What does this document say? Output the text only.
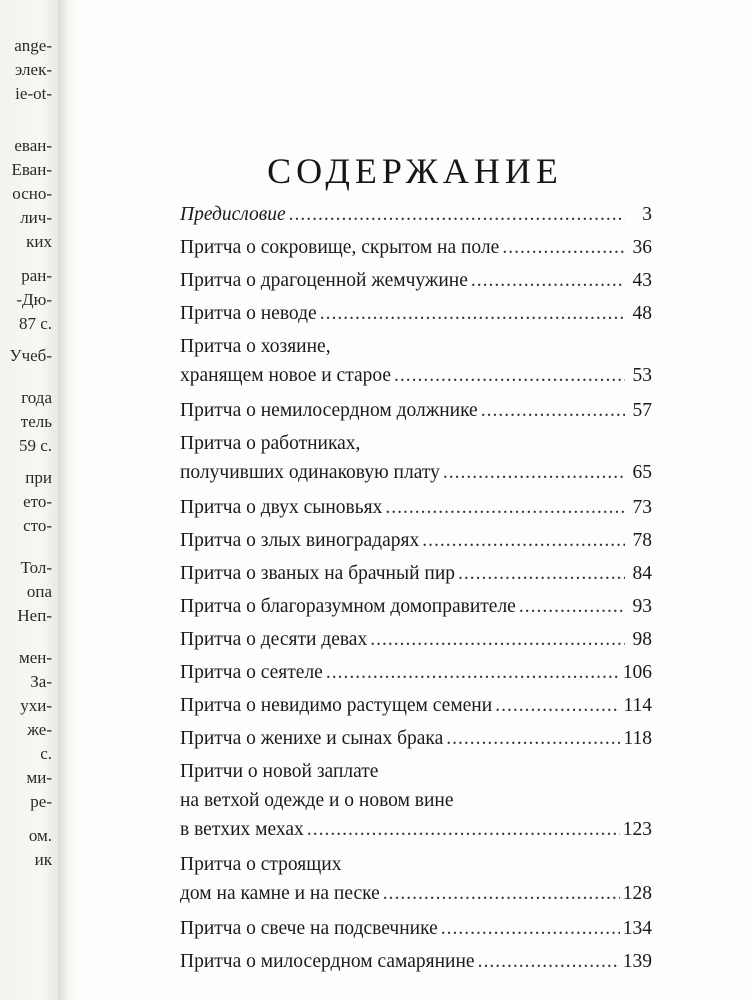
ange-
элек-
ie-ot-
еван-
Еван-
осно-
лич-
ких
ран-
-Дю-
87 с.
Учеб-
года
тель
59 с.
при
ето-
сто-
Тол-
опа
Неп-
мен-
За-
ухи-
же-
с.
ми-
ре-
ом.
ик
СОДЕРЖАНИЕ
Предисловие .....	3
Притча о сокровище, скрытом на поле .....	36
Притча о драгоценной жемчужине .....	43
Притча о неводе .....	48
Притча о хозяине,
хранящем новое и старое .....	53
Притча о немилосердном должнике .....	57
Притча о работниках,
получивших одинаковую плату .....	65
Притча о двух сыновьях .....	73
Притча о злых виноградарях .....	78
Притча о званых на брачный пир .....	84
Притча о благоразумном домоправителе .....	93
Притча о десяти девах .....	98
Притча о сеятеле .....	106
Притча о невидимо растущем семени .....	114
Притча о женихе и сынах брака .....	118
Притчи о новой заплате
на ветхой одежде и о новом вине
в ветхих мехах .....	123
Притча о строящих
дом на камне и на песке .....	128
Притча о свече на подсвечнике .....	134
Притча о милосердном самарянине .....	139
